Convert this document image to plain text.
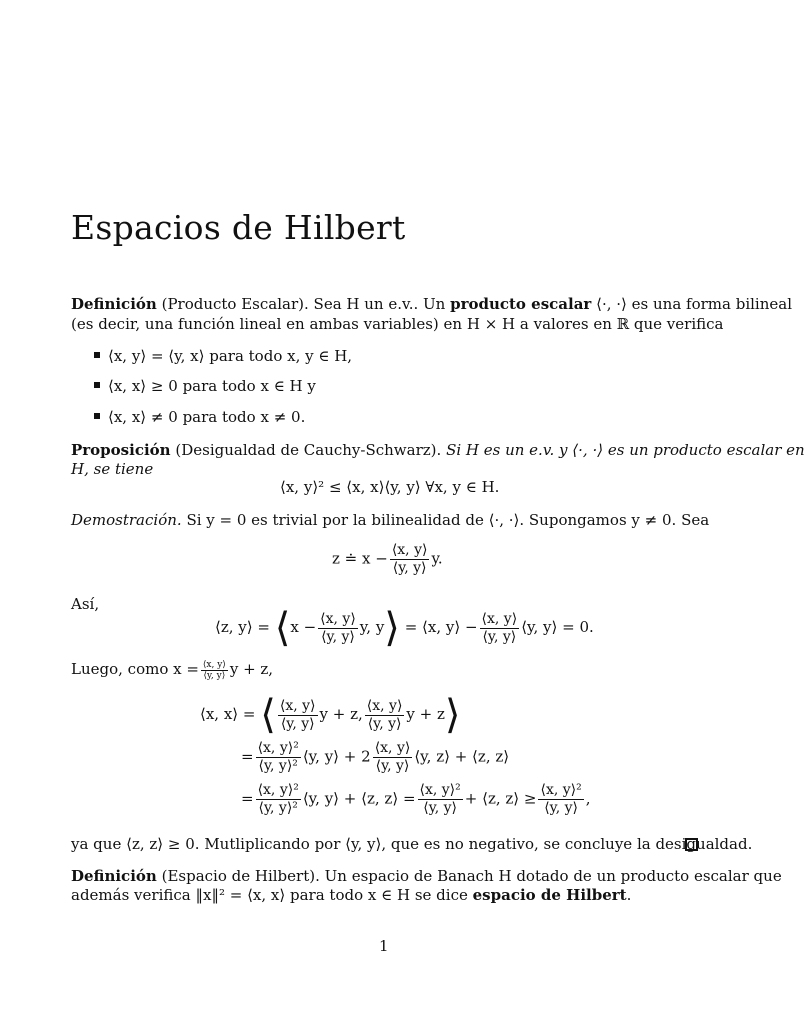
Espacios de Hilbert
Definición (Producto Escalar). Sea H un e.v.. Un producto escalar ⟨·, ·⟩ es una forma bilineal
(es decir, una función lineal en ambas variables) en H × H a valores en ℝ que verifica
⟨x, y⟩ = ⟨y, x⟩ para todo x, y ∈ H,
⟨x, x⟩ ≥ 0 para todo x ∈ H y
⟨x, x⟩ ≠ 0 para todo x ≠ 0.
Proposición (Desigualdad de Cauchy-Schwarz). Si H es un e.v. y ⟨·, ·⟩ es un producto escalar en
H, se tiene
⟨x, y⟩² ≤ ⟨x, x⟩⟨y, y⟩ ∀x, y ∈ H.
Demostración. Si y = 0 es trivial por la bilinealidad de ⟨·, ·⟩. Supongamos y ≠ 0. Sea
z ≐ $x - \frac{⟨x, y⟩}{⟨y, y⟩} y$.
Así,
⟨z, y⟩ = ⟨x − $\frac{⟨x, y⟩}{⟨y, y⟩} y$, y⟩ = ⟨x, y⟩ − $\frac{⟨x, y⟩}{⟨y, y⟩}$ ⟨y, y⟩ = 0.
Luego, como $x = \frac{⟨x, y⟩}{⟨y, y⟩}$ y + z,
⟨x, x⟩ = ⟨ $\frac{⟨x, y⟩}{⟨y, y⟩}$ y + z, $\frac{⟨x, y⟩}{⟨y, y⟩}$ y + z⟩
= $\frac{\text{⟨x, y⟩²}}{\text{⟨y, y⟩²}}$ ⟨y, y⟩ + $2 \frac{⟨x, y⟩}{⟨y, y⟩}$ ⟨y, z⟩ + ⟨z, z⟩
= $\frac{\text{⟨x, y⟩²}}{\text{⟨y, y⟩²}}$ ⟨y, y⟩ + ⟨z, z⟩ = $\frac{\text{⟨x, y⟩²}}{⟨y, y⟩}$ + ⟨z, z⟩ ≥ $\frac{\text{⟨x, y⟩²}}{⟨y, y⟩}$ ,
ya que ⟨z, z⟩ ≥ 0. Mutliplicando por ⟨y, y⟩, que es no negativo, se concluye la desigualdad.
Definición (Espacio de Hilbert). Un espacio de Banach H dotado de un producto escalar que
además verifica ‖x‖² = ⟨x, x⟩ para todo x ∈ H se dice espacio de Hilbert.
1
